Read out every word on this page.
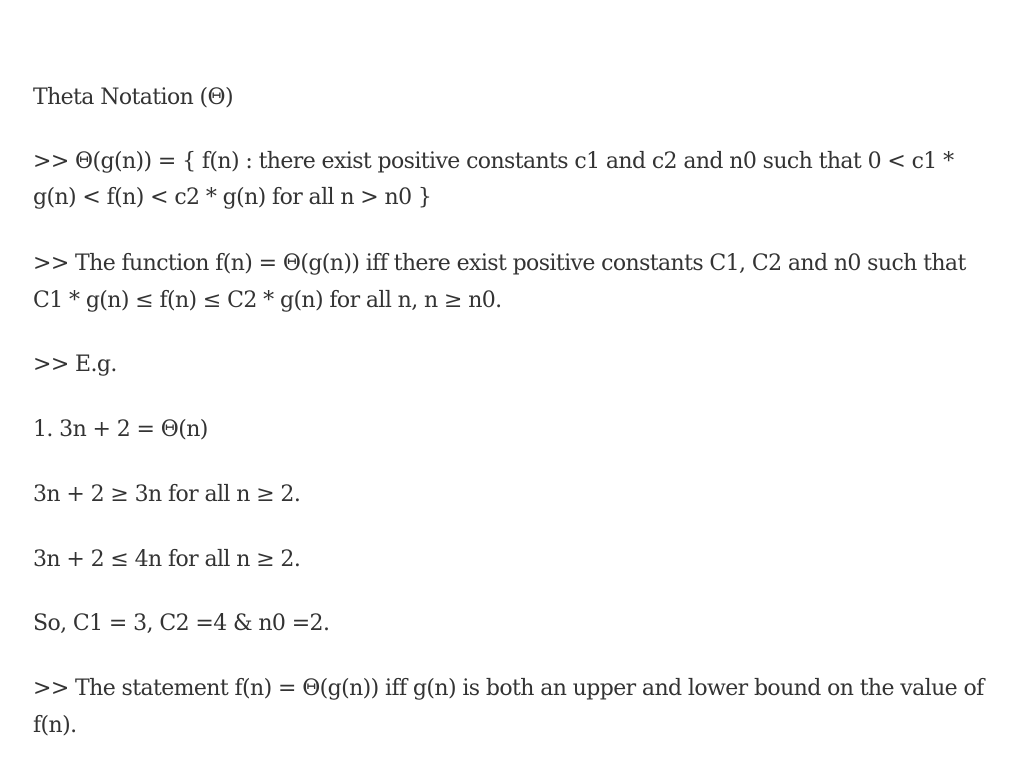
Theta Notation (Θ)
>> Θ(g(n)) = { f(n) : there exist positive constants c1 and c2 and n0 such that 0 < c1 *
g(n) < f(n) < c2 * g(n) for all n > n0 }
>> The function f(n) = Θ(g(n)) iff there exist positive constants C1, C2 and n0 such that
C1 * g(n) ≤ f(n) ≤ C2 * g(n) for all n, n ≥ n0.
>> E.g.
1. 3n + 2 = Θ(n)
3n + 2 ≥ 3n for all n ≥ 2.
3n + 2 ≤ 4n for all n ≥ 2.
So, C1 = 3, C2 =4 & n0 =2.
>> The statement f(n) = Θ(g(n)) iff g(n) is both an upper and lower bound on the value of
f(n).
